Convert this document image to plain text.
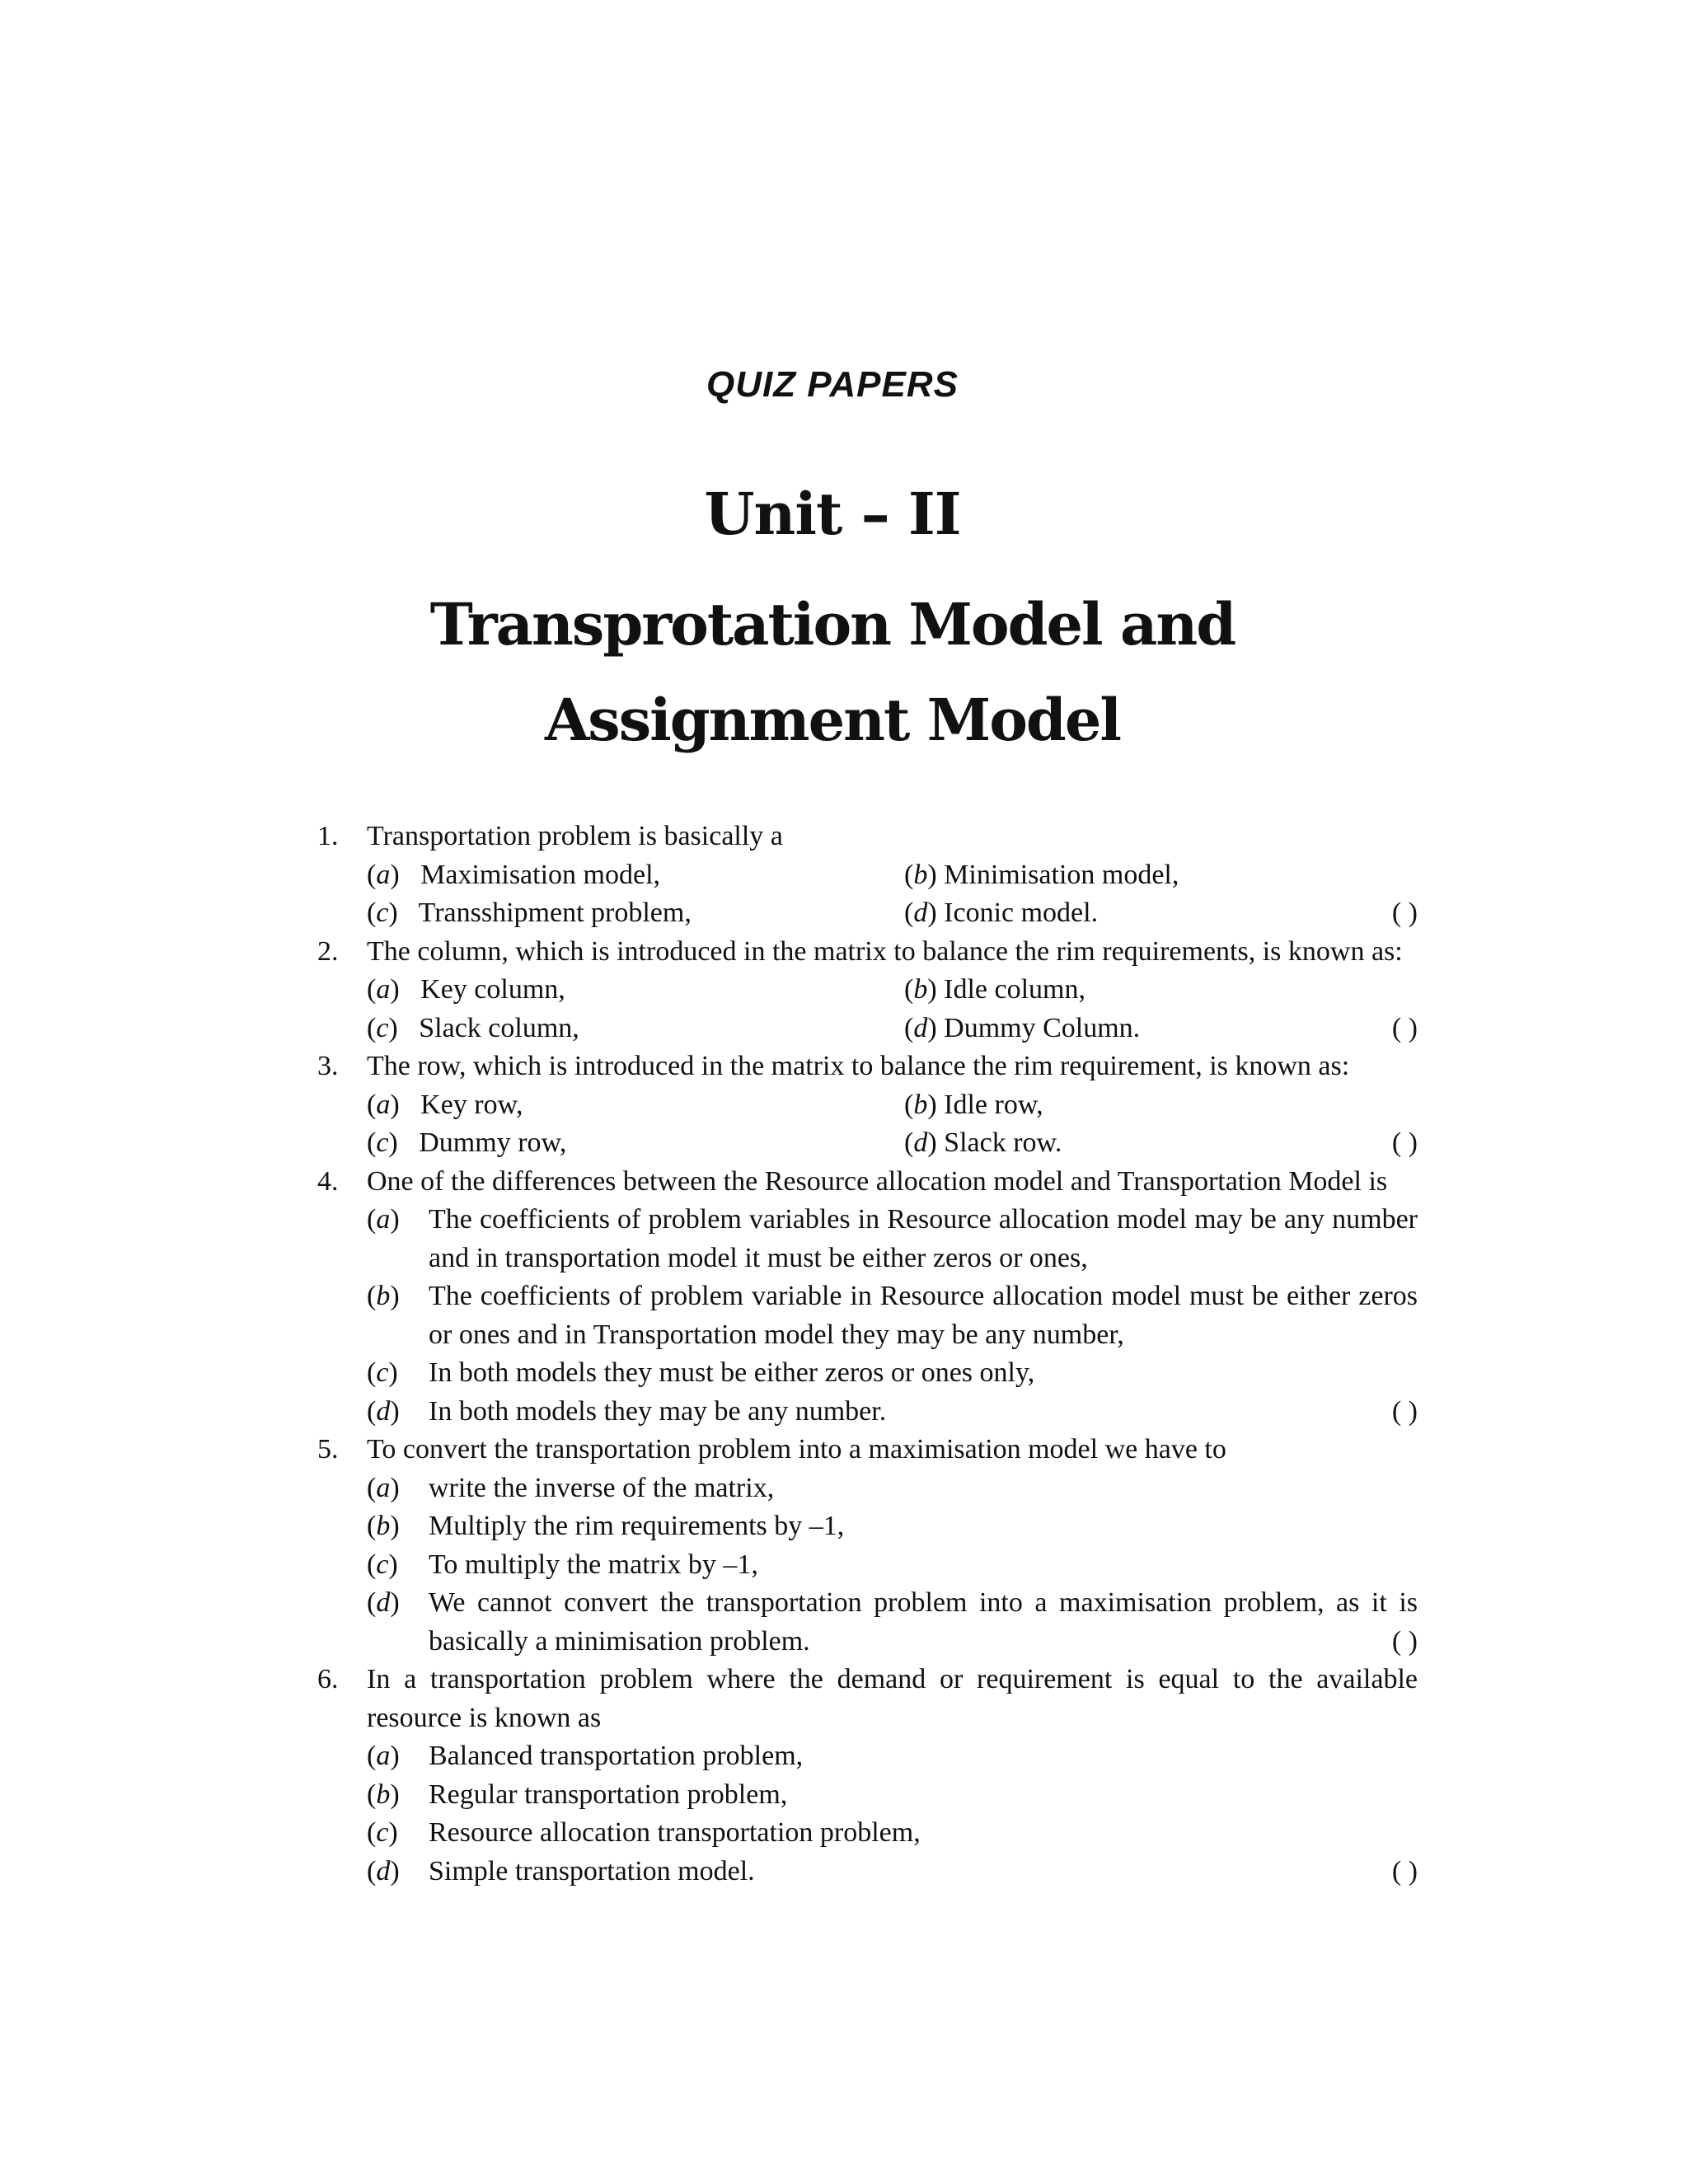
QUIZ PAPERS
Unit – II
Transprotation Model and
Assignment Model
1. Transportation problem is basically a
(a)   Maximisation model,	(b) Minimisation model,
(c)   Transshipment problem,	(d) Iconic model.	( )
2. The column, which is introduced in the matrix to balance the rim requirements, is known as:
(a)   Key column,	(b) Idle column,
(c)   Slack column,	(d) Dummy Column.	( )
3. The row, which is introduced in the matrix to balance the rim requirement, is known as:
(a)   Key row,	(b) Idle row,
(c)   Dummy row,	(d) Slack row.	( )
4. One of the differences between the Resource allocation model and Transportation Model is
(a) The coefficients of problem variables in Resource allocation model may be any number and in transportation model it must be either zeros or ones,
(b) The coefficients of problem variable in Resource allocation model must be either zeros or ones and in Transportation model they may be any number,
(c) In both models they must be either zeros or ones only,
(d) In both models they may be any number.	( )
5. To convert the transportation problem into a maximisation model we have to
(a) write the inverse of the matrix,
(b) Multiply the rim requirements by –1,
(c) To multiply the matrix by –1,
(d) We cannot convert the transportation problem into a maximisation problem, as it is basically a minimisation problem.	( )
6. In a transportation problem where the demand or requirement is equal to the available resource is known as
(a) Balanced transportation problem,
(b) Regular transportation problem,
(c) Resource allocation transportation problem,
(d) Simple transportation model.	( )
